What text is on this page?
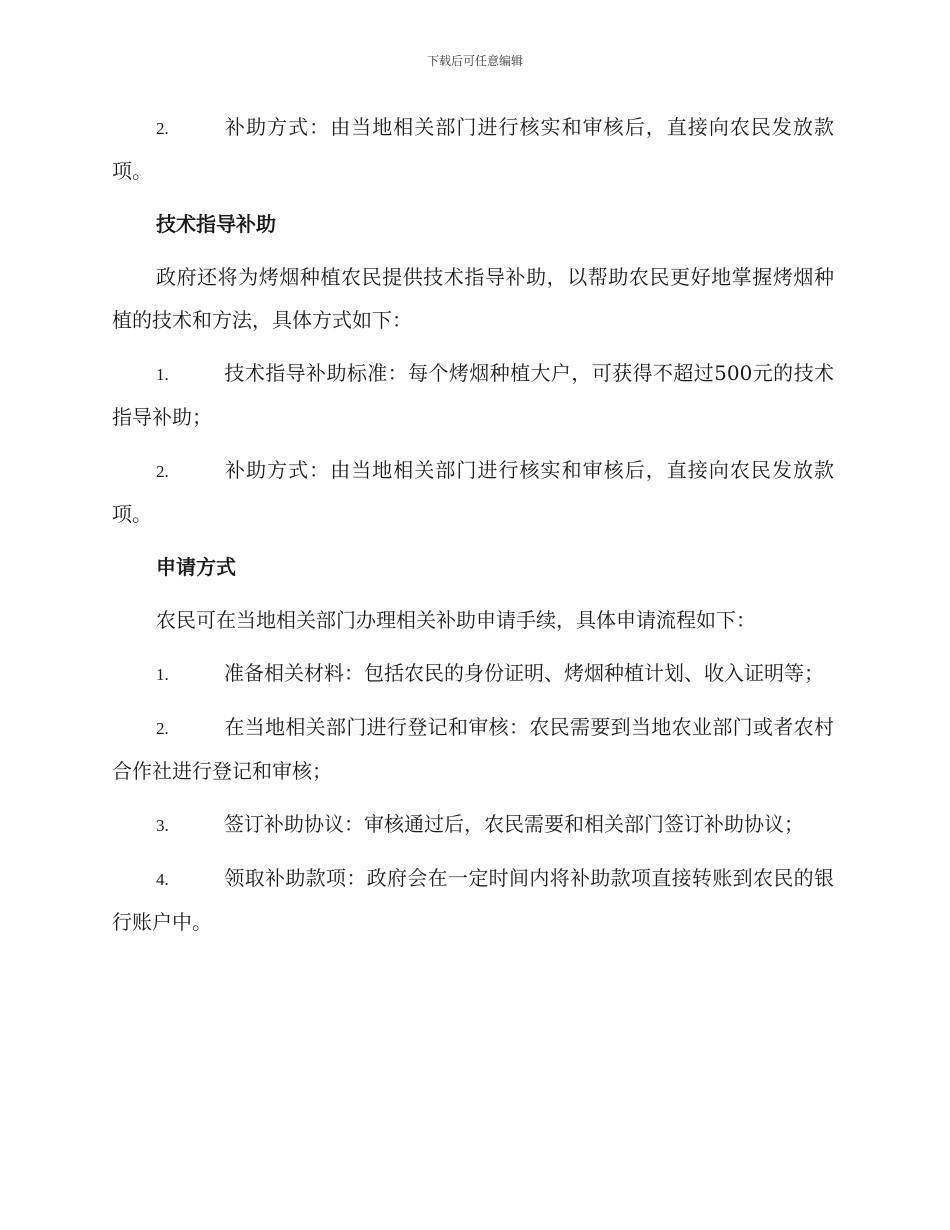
下载后可任意编辑

2.	补助方式：由当地相关部门进行核实和审核后，直接向农民发放款项。

技术指导补助

政府还将为烤烟种植农民提供技术指导补助，以帮助农民更好地掌握烤烟种植的技术和方法，具体方式如下：

1.	技术指导补助标准：每个烤烟种植大户，可获得不超过500元的技术指导补助；

2.	补助方式：由当地相关部门进行核实和审核后，直接向农民发放款项。

申请方式

农民可在当地相关部门办理相关补助申请手续，具体申请流程如下：

1.	准备相关材料：包括农民的身份证明、烤烟种植计划、收入证明等；

2.	在当地相关部门进行登记和审核：农民需要到当地农业部门或者农村合作社进行登记和审核；

3.	签订补助协议：审核通过后，农民需要和相关部门签订补助协议；

4.	领取补助款项：政府会在一定时间内将补助款项直接转账到农民的银行账户中。
